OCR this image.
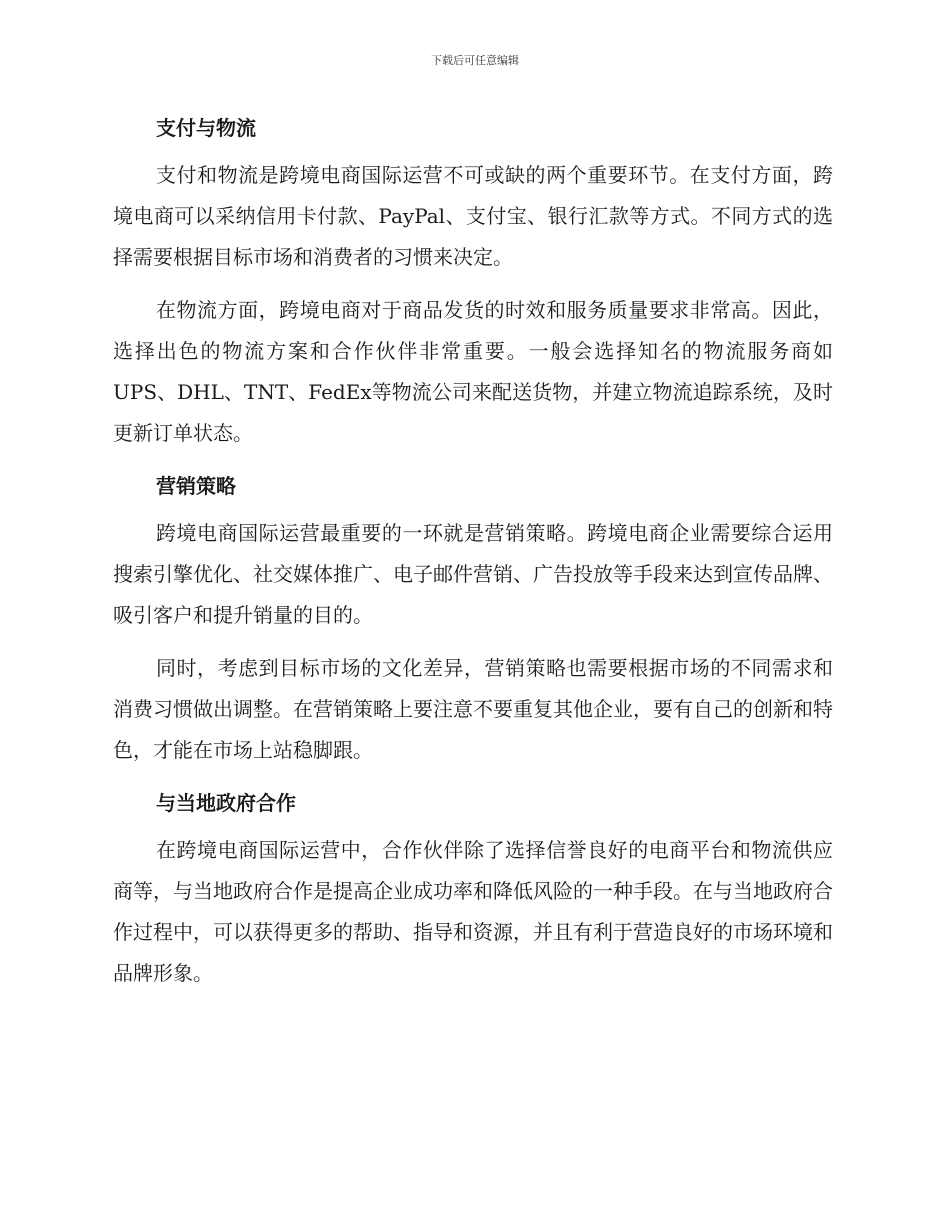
下载后可任意编辑
支付与物流

支付和物流是跨境电商国际运营不可或缺的两个重要环节。在支付方面，跨境电商可以采纳信用卡付款、PayPal、支付宝、银行汇款等方式。不同方式的选择需要根据目标市场和消费者的习惯来决定。

在物流方面，跨境电商对于商品发货的时效和服务质量要求非常高。因此，选择出色的物流方案和合作伙伴非常重要。一般会选择知名的物流服务商如UPS、DHL、TNT、FedEx等物流公司来配送货物，并建立物流追踪系统，及时更新订单状态。

营销策略

跨境电商国际运营最重要的一环就是营销策略。跨境电商企业需要综合运用搜索引擎优化、社交媒体推广、电子邮件营销、广告投放等手段来达到宣传品牌、吸引客户和提升销量的目的。

同时，考虑到目标市场的文化差异，营销策略也需要根据市场的不同需求和消费习惯做出调整。在营销策略上要注意不要重复其他企业，要有自己的创新和特色，才能在市场上站稳脚跟。

与当地政府合作

在跨境电商国际运营中，合作伙伴除了选择信誉良好的电商平台和物流供应商等，与当地政府合作是提高企业成功率和降低风险的一种手段。在与当地政府合作过程中，可以获得更多的帮助、指导和资源，并且有利于营造良好的市场环境和品牌形象。
